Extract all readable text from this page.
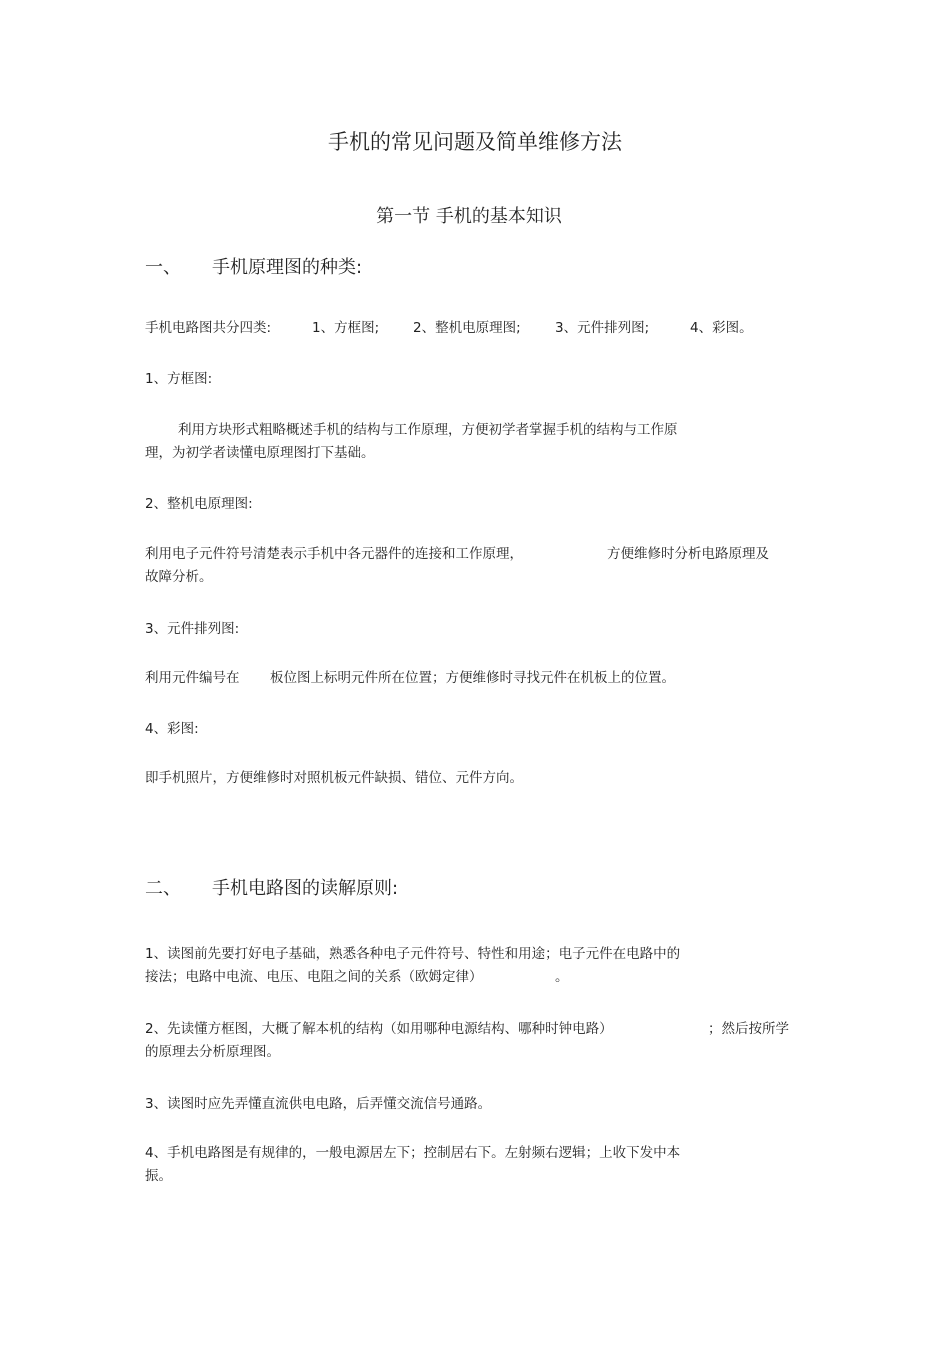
手机的常见问题及简单维修方法
第一节 手机的基本知识
一、 手机原理图的种类:
手机电路图共分四类:	1、方框图;	2、整机电原理图;	3、元件排列图;	4、彩图。
1、方框图:
利用方块形式粗略概述手机的结构与工作原理，方便初学者掌握手机的结构与工作原
理，为初学者读懂电原理图打下基础。
2、整机电原理图:
利用电子元件符号清楚表示手机中各元器件的连接和工作原理，	方便维修时分析电路原理及
故障分析。
3、元件排列图:
利用元件编号在 板位图上标明元件所在位置；方便维修时寻找元件在机板上的位置。
4、彩图:
即手机照片，方便维修时对照机板元件缺损、错位、元件方向。
二、 手机电路图的读解原则:
1、读图前先要打好电子基础，熟悉各种电子元件符号、特性和用途；电子元件在电路中的
接法；电路中电流、电压、电阻之间的关系（欧姆定律）	。
2、先读懂方框图，大概了解本机的结构（如用哪种电源结构、哪种时钟电路）	；然后按所学
的原理去分析原理图。
3、读图时应先弄懂直流供电电路，后弄懂交流信号通路。
4、手机电路图是有规律的，一般电源居左下；控制居右下。左射频右逻辑；上收下发中本
振。
